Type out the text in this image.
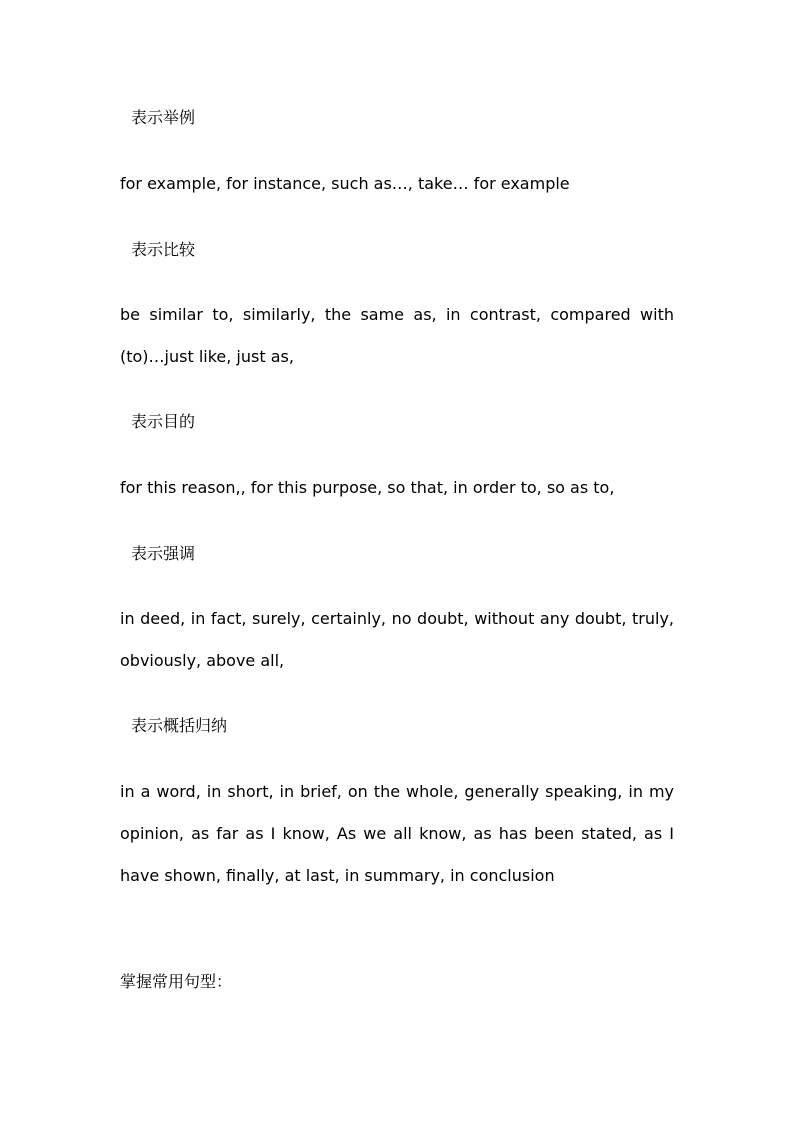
表示举例
for example, for instance, such as…, take… for example
表示比较
be similar to, similarly, the same as, in contrast, compared with (to)…just like, just as,
表示目的
for this reason,, for this purpose, so that, in order to, so as to,
表示强调
in deed, in fact, surely, certainly, no doubt, without any doubt, truly, obviously, above all,
表示概括归纳
in a word, in short, in brief, on the whole, generally speaking, in my opinion, as far as I know, As we all know, as has been stated, as I have shown, finally, at last, in summary, in conclusion
掌握常用句型：
